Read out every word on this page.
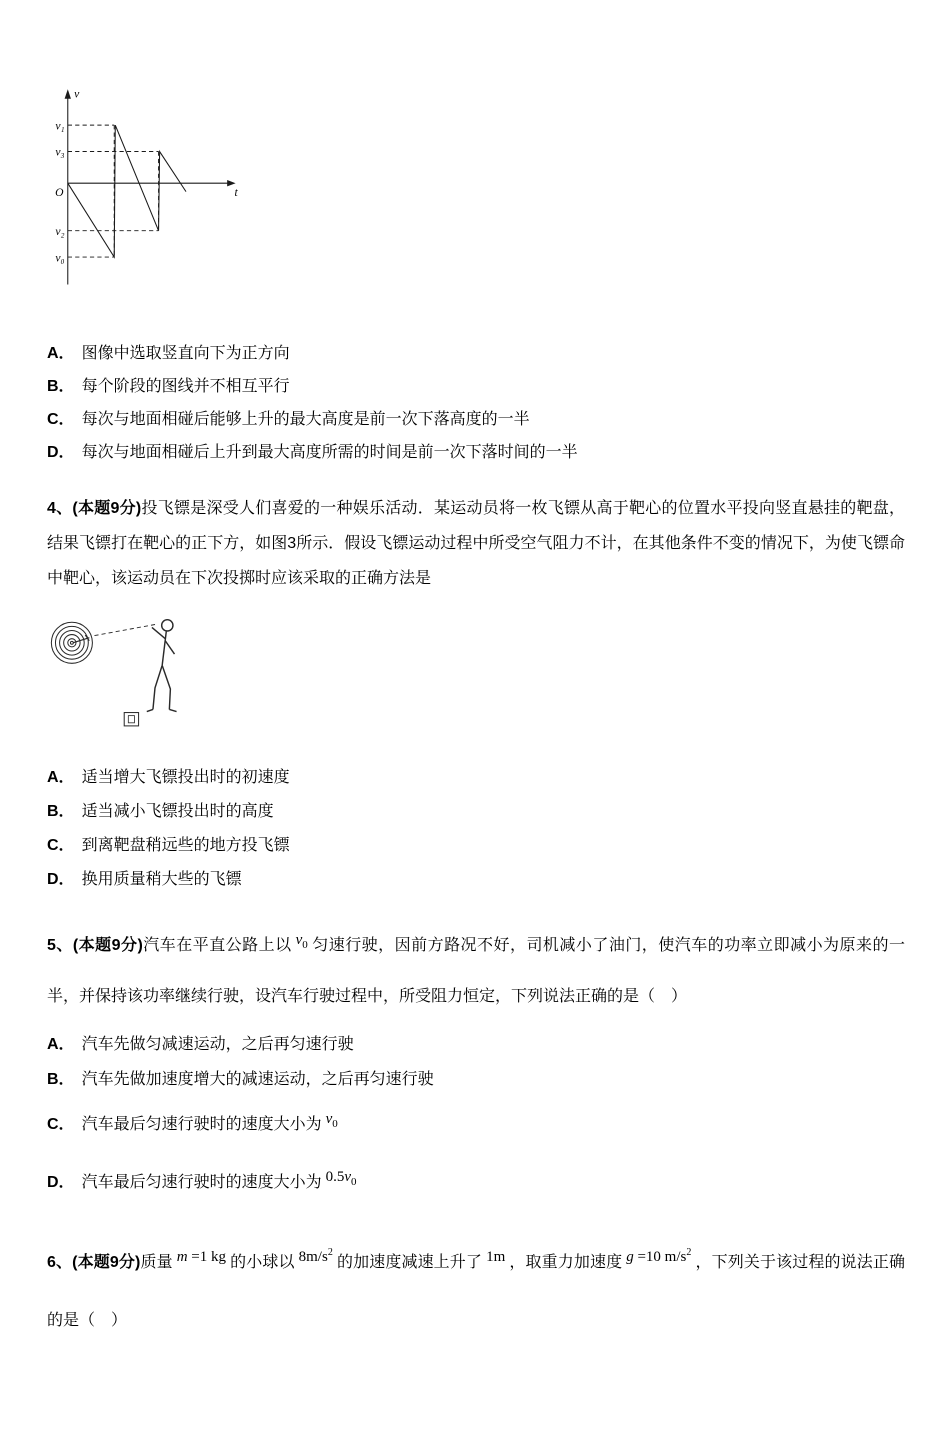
v
t
O
v₁
v₃
v₂
v₀
A． 图像中选取竖直向下为正方向
B． 每个阶段的图线并不相互平行
C． 每次与地面相碰后能够上升的最大高度是前一次下落高度的一半
D． 每次与地面相碰后上升到最大高度所需的时间是前一次下落时间的一半

4、(本题9分)投飞镖是深受人们喜爱的一种娱乐活动．某运动员将一枚飞镖从高于靶心的位置水平投向竖直悬挂的靶盘，结果飞镖打在靶心的正下方，如图3所示．假设飞镖运动过程中所受空气阻力不计，在其他条件不变的情况下，为使飞镖命中靶心，该运动员在下次投掷时应该采取的正确方法是

A． 适当增大飞镖投出时的初速度
B． 适当减小飞镖投出时的高度
C． 到离靶盘稍远些的地方投飞镖
D． 换用质量稍大些的飞镖

5、(本题9分)汽车在平直公路上以 $v_0$ 匀速行驶，因前方路况不好，司机减小了油门，使汽车的功率立即减小为原来的一半，并保持该功率继续行驶，设汽车行驶过程中，所受阻力恒定，下列说法正确的是（　）

A． 汽车先做匀减速运动，之后再匀速行驶
B． 汽车先做加速度增大的减速运动，之后再匀速行驶
C． 汽车最后匀速行驶时的速度大小为 $v_0$
D． 汽车最后匀速行驶时的速度大小为 $0.5v_0$

6、(本题9分)质量 m =1 kg 的小球以 $8m/s^2$的加速度减速上升了 1m ，取重力加速度 g =10 $m/s^2$，下列关于该过程的说法正确的是（　）
